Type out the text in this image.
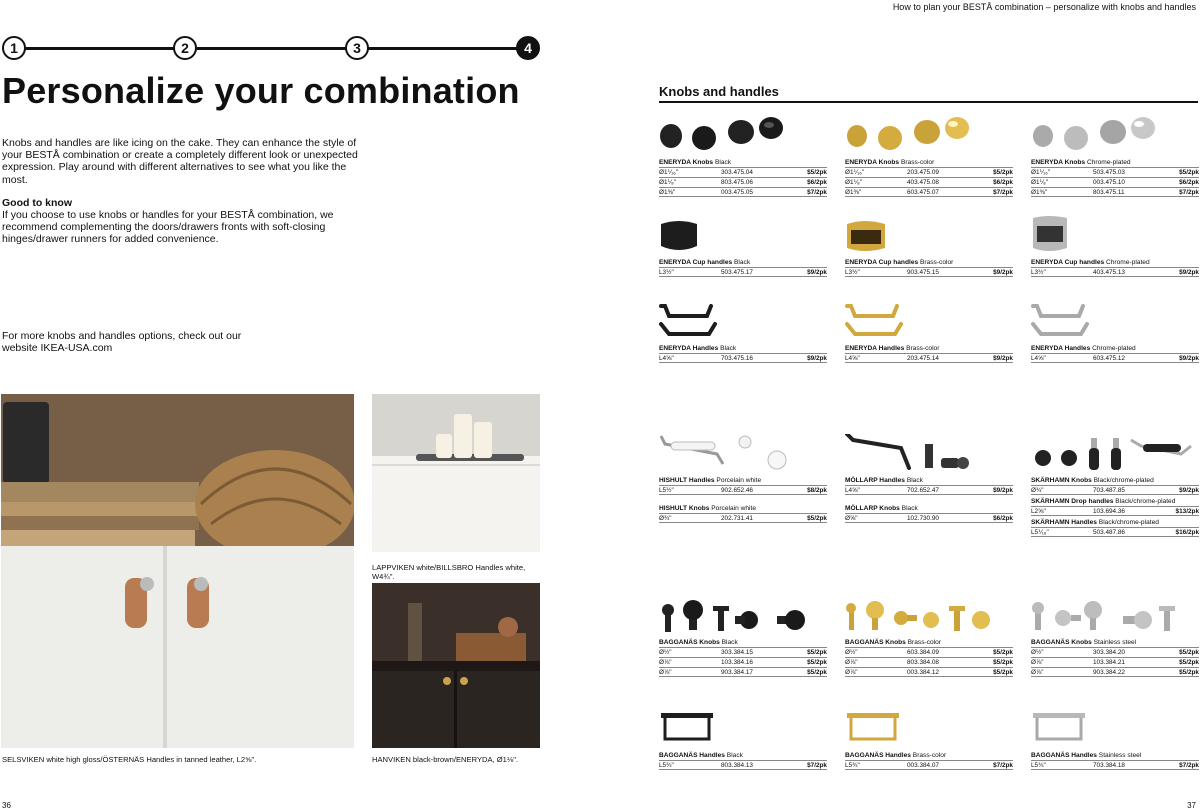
1	2	3	4
Personalize your combination

Knobs and handles are like icing on the cake. They can enhance the style of your BESTÅ combination or create a completely different look or unexpected expression. Play around with different alternatives to see what you like the most.

Good to know

If you choose to use knobs or handles for your BESTÅ combination, we recommend complementing the doors/drawers fronts with soft-closing hinges/drawer runners for added convenience.

For more knobs and handles options, check out our website IKEA-USA.com

SELSVIKEN white high gloss/ÖSTERNÄS Handles in tanned leather, L2⅝".
LAPPVIKEN white/BILLSBRO Handles white, W4¾".
HANVIKEN black-brown/ENERYDA, Ø1⅛".
36
How to plan your BESTÅ combination – personalize with knobs and handles
Knobs and handles
ENERYDA Knobs Black
Ø1⅟₁₆"	303.475.04	$5/2pk
Ø1⅟₈"	803.475.06	$6/2pk
Ø1⅜"	003.475.05	$7/2pk
ENERYDA Knobs Brass-color
Ø1⅟₁₆"	203.475.09	$5/2pk
Ø1⅟₈"	403.475.08	$6/2pk
Ø1⅜"	603.475.07	$7/2pk
ENERYDA Knobs Chrome-plated
Ø1⅟₁₆"	503.475.03	$5/2pk
Ø1⅟₈"	003.475.10	$6/2pk
Ø1⅜"	803.475.11	$7/2pk
ENERYDA Cup handles Black
L3½"	503.475.17	$9/2pk
ENERYDA Cup handles Brass-color
L3½"	903.475.15	$9/2pk
ENERYDA Cup handles Chrome-plated
L3½"	403.475.13	$9/2pk
ENERYDA Handles Black
L4⅝"	703.475.16	$9/2pk
ENERYDA Handles Brass-color
L4⅝"	203.475.14	$9/2pk
ENERYDA Handles Chrome-plated
L4⅝"	603.475.12	$9/2pk
HISHULT Handles Porcelain white
L5½"	902.652.46	$8/2pk
HISHULT Knobs Porcelain white
Ø¾"	202.731.41	$5/2pk
MÖLLARP Handles Black
L4⅝"	702.652.47	$9/2pk
MÖLLARP Knobs Black
Ø⅝"	102.730.90	$6/2pk
SKÄRHAMN Knobs Black/chrome-plated
Ø¾"	703.487.85	$9/2pk
SKÄRHAMN Drop handles Black/chrome-plated
L2⅝"	103.694.36	$13/2pk
SKÄRHAMN Handles Black/chrome-plated
L5⅟₁₆"	503.487.86	$16/2pk
BAGGANÄS Knobs Black
Ø½"	303.384.15	$5/2pk
Ø⅞"	103.384.16	$5/2pk
Ø⅞"	903.384.17	$5/2pk
BAGGANÄS Knobs Brass-color
Ø½"	603.384.09	$5/2pk
Ø⅞"	803.384.08	$5/2pk
Ø⅞"	003.384.12	$5/2pk
BAGGANÄS Knobs Stainless steel
Ø½"	303.384.20	$5/2pk
Ø⅞"	103.384.21	$5/2pk
Ø⅞"	903.384.22	$5/2pk
BAGGANÄS Handles Black
L5¾"	803.384.13	$7/2pk
BAGGANÄS Handles Brass-color
L5¾"	003.384.07	$7/2pk
BAGGANÄS Handles Stainless steel
L5¾"	703.384.18	$7/2pk
37
